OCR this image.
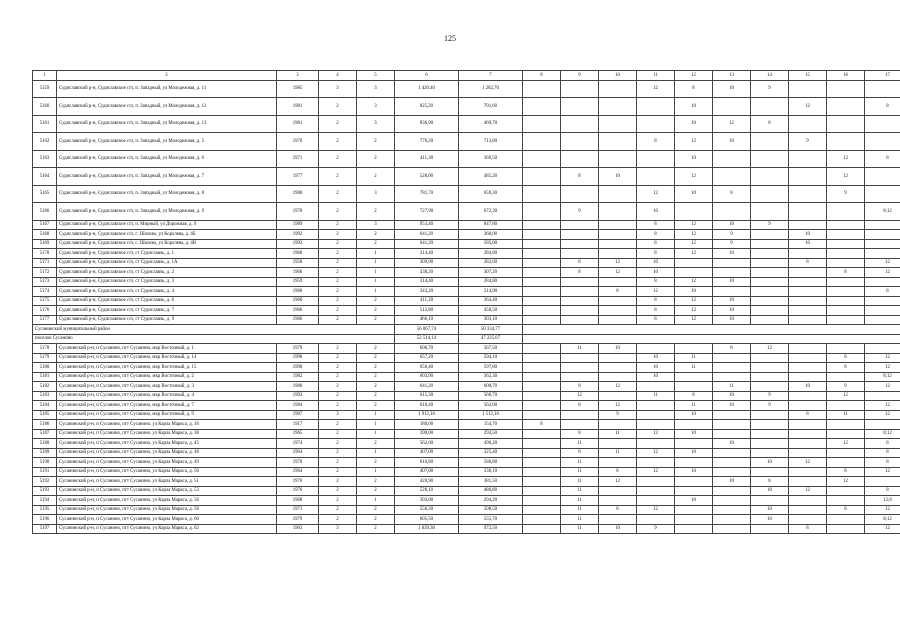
125
1	2	3	4	5	6	7	8	9	10	11	12	13	14	15	16	17
5159	Судиславский р-н, Судиславское с/п, п. Западный, ул Молодежная, д. 11	1985	3	3	1 420,40	1 282,70				12	8	10	9			
5160	Судиславский р-н, Судиславское с/п, п. Западный, ул Молодежная, д. 12	1981	2	3	825,20	701,60					10			12		8
5161	Судиславский р-н, Судиславское с/п, п. Западный, ул Молодежная, д. 13	1981	2	3	836,90	469,70					10	12	8			
5162	Судиславский р-н, Судиславское с/п, п. Западный, ул Молодежная, д. 5	1976	2	2	776,20	713,80				8	12	10		9		
5163	Судиславский р-н, Судиславское с/п, п. Западный, ул Молодежная, д. 6	1971	2	2	411,30	369,50					10				12	8
5164	Судиславский р-н, Судиславское с/п, п. Западный, ул Молодежная, д. 7	1977	2	2	528,00	485,20		8	10		12				12	
5165	Судиславский р-н, Судиславское с/п, п. Западный, ул Молодежная, д. 8	1980	2	3	781,70	659,30				12	10	8			9	
5166	Судиславский р-н, Судиславское с/п, п. Западный, ул Молодежная, д. 9	1978	2	2	727,90	672,30		9		10						8;12
5167	Судиславский р-н, Судиславское с/п, п. Мирный, ул Дорожная, д. 9	1989	2	3	953,40	847,80				8	12	10	9			
5168	Судиславский р-н, Судиславское с/п, с. Шахово, ул Королева, д. 4Б	1992	2	2	641,20	368,00				8	12	9		10		
5169	Судиславский р-н, Судиславское с/п, с. Шахово, ул Королева, д. 4В	1992	2	2	641,20	585,00				8	12	9		10		
5170	Судиславский р-н, Судиславское с/п, ст Судиславль, д. 1	1960	2	1	314,40	284,80				8	12	10				
5171	Судиславский р-н, Судиславское с/п, ст Судиславль, д. 1А	1958	2	1	309,90	282,60		8	12	10				8		12
5172	Судиславский р-н, Судиславское с/п, ст Судиславль, д. 2	1960	2	1	338,20	307,20		8	12	10					8	12
5173	Судиславский р-н, Судиславское с/п, ст Судиславль, д. 3	1959	2	1	314,40	284,80				8	12	10				
5174	Судиславский р-н, Судиславское с/п, ст Судиславль, д. 4	1960	2	1	343,20	214,90			8	12	10					8
5175	Судиславский р-н, Судиславское с/п, ст Судиславль, д. 6	1960	2	2	411,20	364,40				8	12	10				
5176	Судиславский р-н, Судиславское с/п, ст Судиславль, д. 7	1966	2	2	512,80	450,50				8	12	10				
5177	Судиславский р-н, Судиславское с/п, ст Судиславль, д. 9	1966	2	2	466,10	303,10				8	12	10				
Сусанинский муниципальный район					56 067,74	50 334,77										
поселок Сусанино					52 514,14	47 225,67										
5178	Сусанинский р-н, п Сусанино, пгт Сусанино, мкр Восточный, д. 1	1979	2	2	606,70	567,50		11	10			8	12			
5179	Сусанинский р-н, п Сусанино, пгт Сусанино, мкр Восточный, д. 14	1998	2	2	657,20	594,10				10	11				8	12
5180	Сусанинский р-н, п Сусанино, пгт Сусанино, мкр Восточный, д. 15	1998	2	2	656,40	597,80				10	11				8	12
5181	Сусанинский р-н, п Сусанино, пгт Сусанино, мкр Восточный, д. 2	1982	2	2	603,90	362,30				10						8;12
5182	Сусанинский р-н, п Сусанино, пгт Сусанино, мкр Восточный, д. 3	1980	2	2	641,20	600,70		8	12			11		10	9	12
5183	Сусанинский р-н, п Сусанино, пгт Сусанино, мкр Восточный, д. 4	1993	2	2	615,30	566,70		12		11	8	10	9		12	
5184	Сусанинский р-н, п Сусанино, пгт Сусанино, мкр Восточный, д. 7	1984	2	2	610,40	562,00		8	12		11	10	9			12
5185	Сусанинский р-н, п Сусанино, пгт Сусанино, мкр Восточный, д. 9	1987	3	1	1 912,10	1 512,10			9		10			8	11	12
5186	Сусанинский р-н, п Сусанино, пгт Сусанино, ул Карла Маркса, д. 16	1917	2	1	180,00	154,70	8									
5187	Сусанинский р-н, п Сусанино, пгт Сусанино, ул Карла Маркса, д. 38	1965	2	1	390,00	293,50		8	11	12	10					8;12
5188	Сусанинский р-н, п Сусанино, пгт Сусанино, ул Карла Маркса, д. 45	1974	2	2	562,60	490,20		11				10			12	8
5189	Сусанинский р-н, п Сусанино, пгт Сусанино, ул Карла Маркса, д. 48	1964	2	1	407,00	325,40		8	11	12	10					8
5190	Сусанинский р-н, п Сусанино, пгт Сусанино, ул Карла Маркса, д. 49	1978	2	2	616,80	586,80		11					10	12		8
5191	Сусанинский р-н, п Сусанино, пгт Сусанино, ул Карла Маркса, д. 50	1964	2	1	407,00	330,10		11	8	12	10				8	12
5192	Сусанинский р-н, п Сусанино, пгт Сусанино, ул Карла Маркса, д. 51	1976	2	2	420,90	381,50		11	12			10	8		12	
5193	Сусанинский р-н, п Сусанино, пгт Сусанино, ул Карла Маркса, д. 53	1976	2	2	528,10	486,80		11					10	12		8
5194	Сусанинский р-н, п Сусанино, пгт Сусанино, ул Карла Маркса, д. 56	1968	2	1	393,00	294,20		11			10					12;8
5195	Сусанинский р-н, п Сусанино, пгт Сусанино, ул Карла Маркса, д. 58	1971	2	2	556,30	508,50		11	8	12			10		8	12
5196	Сусанинский р-н, п Сусанино, пгт Сусанино, ул Карла Маркса, д. 60	1979	2	2	605,50	555,70		11					10			8;12
5197	Сусанинский р-н, п Сусанино, пгт Сусанино, ул Карла Маркса, д. 62	1963	3	2	1 039,30	972,50		11	10	9				8		12
